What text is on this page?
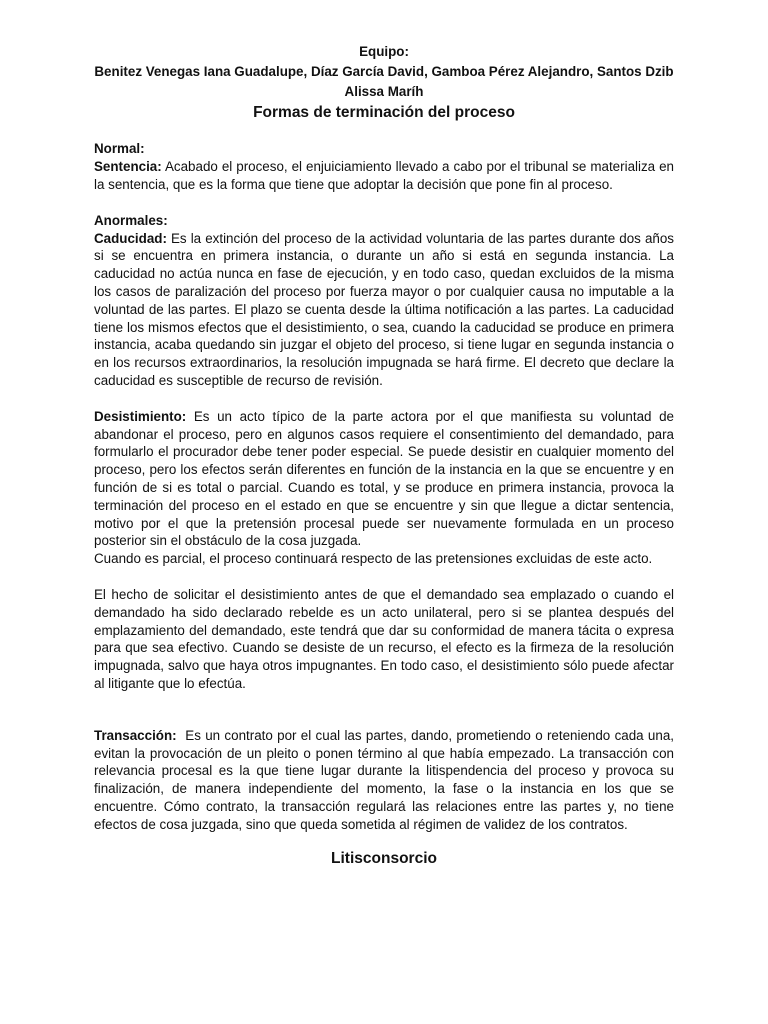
Equipo:

Benitez Venegas Iana Guadalupe, Díaz García David, Gamboa Pérez Alejandro, Santos Dzib Alissa Maríh

Formas de terminación del proceso
Normal:

Sentencia: Acabado el proceso, el enjuiciamiento llevado a cabo por el tribunal se materializa en la sentencia, que es la forma que tiene que adoptar la decisión que pone fin al proceso.

Anormales:

Caducidad: Es la extinción del proceso de la actividad voluntaria de las partes durante dos años si se encuentra en primera instancia, o durante un año si está en segunda instancia. La caducidad no actúa nunca en fase de ejecución, y en todo caso, quedan excluidos de la misma los casos de paralización del proceso por fuerza mayor o por cualquier causa no imputable a la voluntad de las partes. El plazo se cuenta desde la última notificación a las partes. La caducidad tiene los mismos efectos que el desistimiento, o sea, cuando la caducidad se produce en primera instancia, acaba quedando sin juzgar el objeto del proceso, si tiene lugar en segunda instancia o en los recursos extraordinarios, la resolución impugnada se hará firme. El decreto que declare la caducidad es susceptible de recurso de revisión.

Desistimiento: Es un acto típico de la parte actora por el que manifiesta su voluntad de abandonar el proceso, pero en algunos casos requiere el consentimiento del demandado, para formularlo el procurador debe tener poder especial. Se puede desistir en cualquier momento del proceso, pero los efectos serán diferentes en función de la instancia en la que se encuentre y en función de si es total o parcial. Cuando es total, y se produce en primera instancia, provoca la terminación del proceso en el estado en que se encuentre y sin que llegue a dictar sentencia, motivo por el que la pretensión procesal puede ser nuevamente formulada en un proceso posterior sin el obstáculo de la cosa juzgada.

Cuando es parcial, el proceso continuará respecto de las pretensiones excluidas de este acto.

El hecho de solicitar el desistimiento antes de que el demandado sea emplazado o cuando el demandado ha sido declarado rebelde es un acto unilateral, pero si se plantea después del emplazamiento del demandado, este tendrá que dar su conformidad de manera tácita o expresa para que sea efectivo. Cuando se desiste de un recurso, el efecto es la firmeza de la resolución impugnada, salvo que haya otros impugnantes. En todo caso, el desistimiento sólo puede afectar al litigante que lo efectúa.

Transacción:  Es un contrato por el cual las partes, dando, prometiendo o reteniendo cada una, evitan la provocación de un pleito o ponen término al que había empezado. La transacción con relevancia procesal es la que tiene lugar durante la litispendencia del proceso y provoca su finalización, de manera independiente del momento, la fase o la instancia en los que se encuentre. Cómo contrato, la transacción regulará las relaciones entre las partes y, no tiene efectos de cosa juzgada, sino que queda sometida al régimen de validez de los contratos.

Litisconsorcio
